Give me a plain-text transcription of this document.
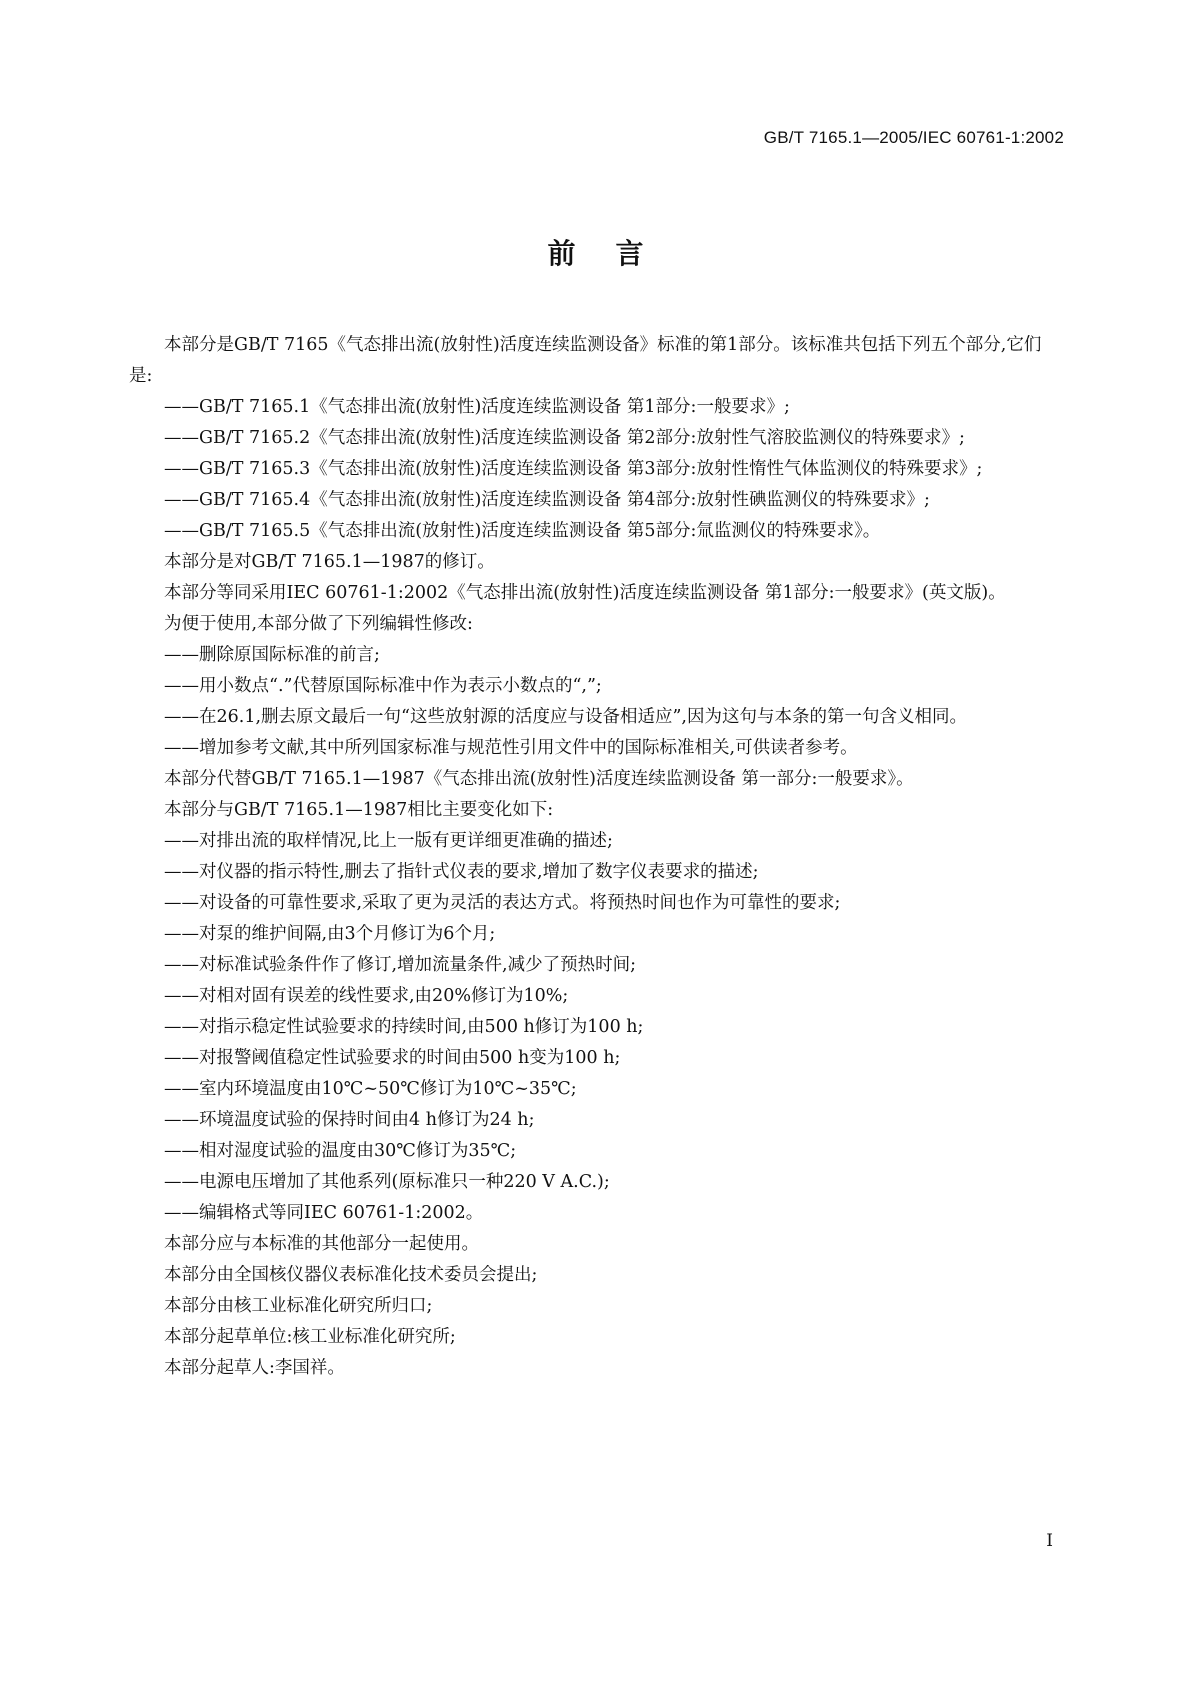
GB/T 7165.1—2005/IEC 60761-1:2002
前言

本部分是GB/T 7165《气态排出流(放射性)活度连续监测设备》标准的第1部分。该标准共包括下列五个部分,它们是:

——GB/T 7165.1《气态排出流(放射性)活度连续监测设备 第1部分:一般要求》;

——GB/T 7165.2《气态排出流(放射性)活度连续监测设备 第2部分:放射性气溶胶监测仪的特殊要求》;

——GB/T 7165.3《气态排出流(放射性)活度连续监测设备 第3部分:放射性惰性气体监测仪的特殊要求》;

——GB/T 7165.4《气态排出流(放射性)活度连续监测设备 第4部分:放射性碘监测仪的特殊要求》;

——GB/T 7165.5《气态排出流(放射性)活度连续监测设备 第5部分:氚监测仪的特殊要求》。

本部分是对GB/T 7165.1—1987的修订。

本部分等同采用IEC 60761-1:2002《气态排出流(放射性)活度连续监测设备 第1部分:一般要求》(英文版)。

为便于使用,本部分做了下列编辑性修改:

——删除原国际标准的前言;

——用小数点“.”代替原国际标准中作为表示小数点的“,”;

——在26.1,删去原文最后一句“这些放射源的活度应与设备相适应”,因为这句与本条的第一句含义相同。

——增加参考文献,其中所列国家标准与规范性引用文件中的国际标准相关,可供读者参考。

本部分代替GB/T 7165.1—1987《气态排出流(放射性)活度连续监测设备 第一部分:一般要求》。

本部分与GB/T 7165.1—1987相比主要变化如下:

——对排出流的取样情况,比上一版有更详细更准确的描述;

——对仪器的指示特性,删去了指针式仪表的要求,增加了数字仪表要求的描述;

——对设备的可靠性要求,采取了更为灵活的表达方式。将预热时间也作为可靠性的要求;

——对泵的维护间隔,由3个月修订为6个月;

——对标准试验条件作了修订,增加流量条件,减少了预热时间;

——对相对固有误差的线性要求,由20%修订为10%;

——对指示稳定性试验要求的持续时间,由500 h修订为100 h;

——对报警阈值稳定性试验要求的时间由500 h变为100 h;

——室内环境温度由10℃~50℃修订为10℃~35℃;

——环境温度试验的保持时间由4 h修订为24 h;

——相对湿度试验的温度由30℃修订为35℃;

——电源电压增加了其他系列(原标准只一种220 V A.C.);

——编辑格式等同IEC 60761-1:2002。

本部分应与本标准的其他部分一起使用。

本部分由全国核仪器仪表标准化技术委员会提出;

本部分由核工业标准化研究所归口;

本部分起草单位:核工业标准化研究所;

本部分起草人:李国祥。

I
